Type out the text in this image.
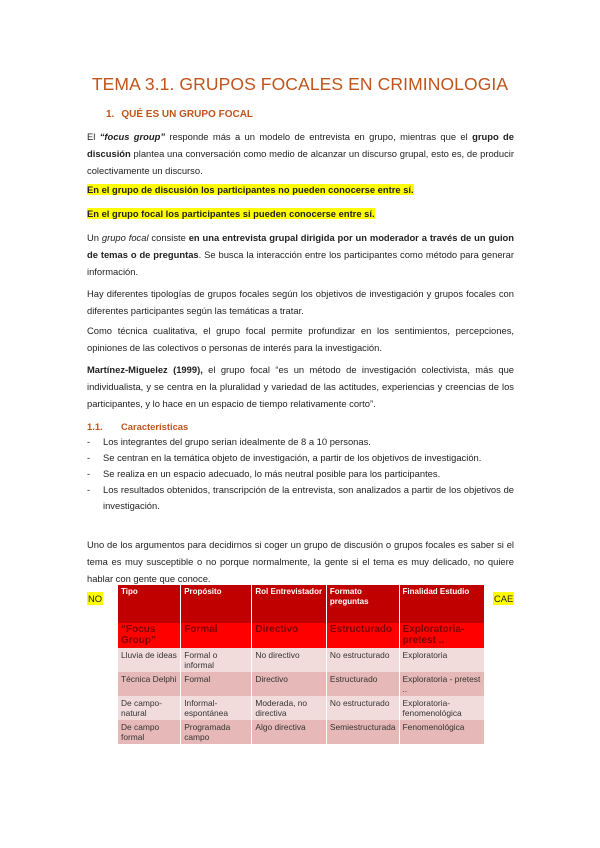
TEMA 3.1. GRUPOS FOCALES EN CRIMINOLOGIA
1. QUÉ ES UN GRUPO FOCAL

El “focus group” responde más a un modelo de entrevista en grupo, mientras que el grupo de discusión plantea una conversación como medio de alcanzar un discurso grupal, esto es, de producir colectivamente un discurso.

En el grupo de discusión los participantes no pueden conocerse entre sí.

En el grupo focal los participantes si pueden conocerse entre sí.

Un grupo focal consiste en una entrevista grupal dirigida por un moderador a través de un guion de temas o de preguntas. Se busca la interacción entre los participantes como método para generar información.

Hay diferentes tipologías de grupos focales según los objetivos de investigación y grupos focales con diferentes participantes según las temáticas a tratar.

Como técnica cualitativa, el grupo focal permite profundizar en los sentimientos, percepciones, opiniones de las colectivos o personas de interés para la investigación.

Martínez-Miguelez (1999), el grupo focal “es un método de investigación colectivista, más que individualista, y se centra en la pluralidad y variedad de las actitudes, experiencias y creencias de los participantes, y lo hace en un espacio de tiempo relativamente corto”.

1.1. Características
- Los integrantes del grupo serian idealmente de 8 a 10 personas.
- Se centran en la temática objeto de investigación, a partir de los objetivos de investigación.
- Se realiza en un espacio adecuado, lo más neutral posible para los participantes.
- Los resultados obtenidos, transcripción de la entrevista, son analizados a partir de los objetivos de investigación.

Uno de los argumentos para decidirnos si coger un grupo de discusión o grupos focales es saber si el tema es muy susceptible o no porque normalmente, la gente si el tema es muy delicado, no quiere hablar con gente que conoce.

NO	CAE
Tipo	Propósito	Rol Entrevistador	Formato preguntas	Finalidad Estudio
“Focus Group”	Formal	Directivo	Estructurado	Exploratoria-pretest ..
Lluvia de ideas	Formal o informal	No directivo	No estructurado	Exploratoria
Técnica Delphi	Formal	Directivo	Estructurado	Exploratoria - pretest ..
De campo-natural	Informal-espontánea	Moderada, no directiva	No estructurado	Exploratoria-fenomenológica
De campo formal	Programada campo	Algo directiva	Semiestructurada	Fenomenológica
